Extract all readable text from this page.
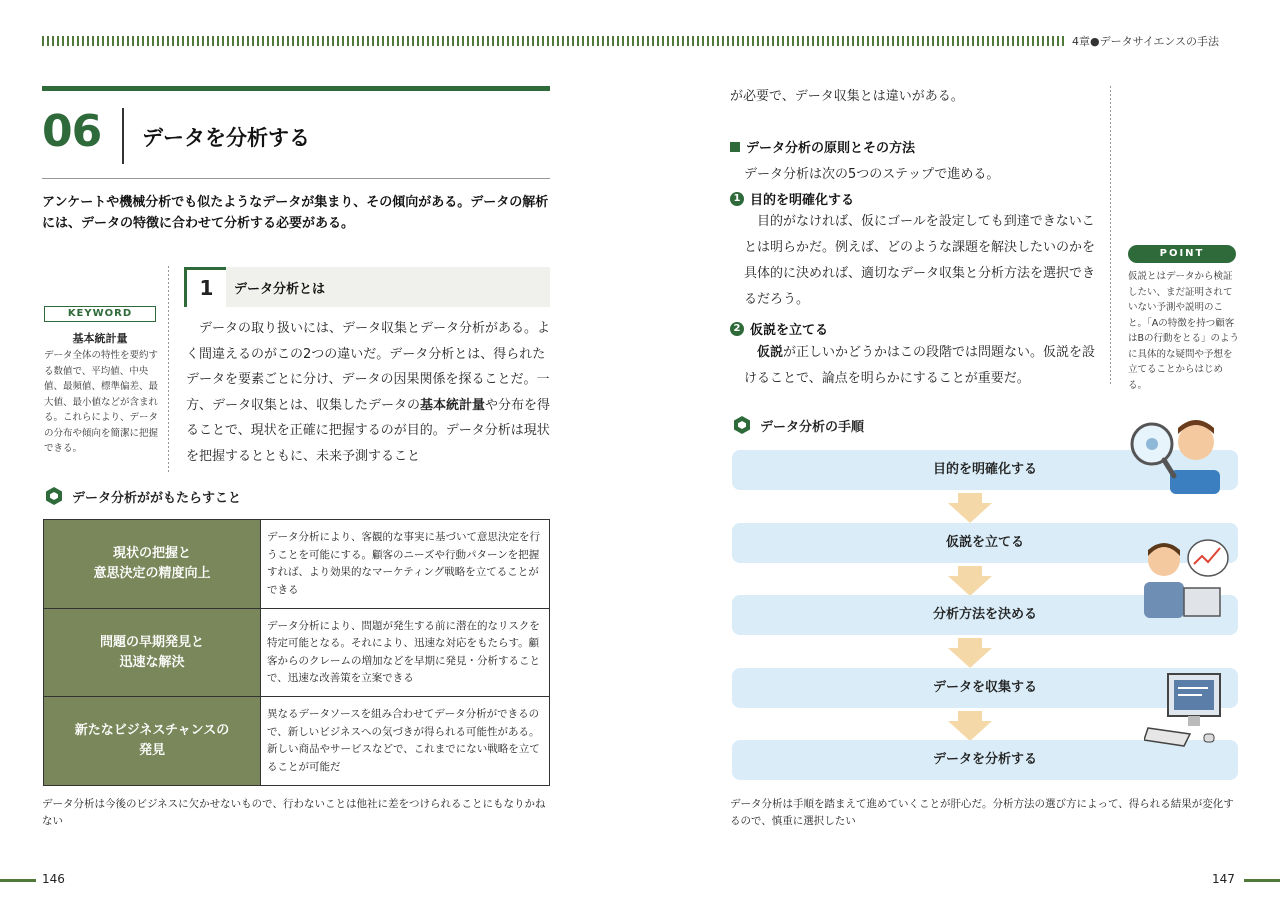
4章●データサイエンスの手法
06	データを分析する
アンケートや機械分析でも似たようなデータが集まり、その傾向がある。データの解析には、データの特徴に合わせて分析する必要がある。
KEYWORD
基本統計量
データ全体の特性を要約する数値で、平均値、中央値、最頻値、標準偏差、最大値、最小値などが含まれる。これらにより、データの分布や傾向を簡潔に把握できる。
1	データ分析とは
データの取り扱いには、データ収集とデータ分析がある。よく間違えるのがこの2つの違いだ。データ分析とは、得られたデータを要素ごとに分け、データの因果関係を探ることだ。一方、データ収集とは、収集したデータの基本統計量や分布を得ることで、現状を正確に把握するのが目的。データ分析は現状を把握するとともに、未来予測すること
データ分析ががもたらすこと
現状の把握と
意思決定の精度向上	データ分析により、客観的な事実に基づいて意思決定を行うことを可能にする。顧客のニーズや行動パターンを把握すれば、より効果的なマーケティング戦略を立てることができる
問題の早期発見と
迅速な解決	データ分析により、問題が発生する前に潜在的なリスクを特定可能となる。それにより、迅速な対応をもたらす。顧客からのクレームの増加などを早期に発見・分析することで、迅速な改善策を立案できる
新たなビジネスチャンスの
発見	異なるデータソースを組み合わせてデータ分析ができるので、新しいビジネスへの気づきが得られる可能性がある。新しい商品やサービスなどで、これまでにない戦略を立てることが可能だ
データ分析は今後のビジネスに欠かせないもので、行わないことは他社に差をつけられることにもなりかねない
146
が必要で、データ収集とは違いがある。
データ分析の原則とその方法
データ分析は次の5つのステップで進める。
1 目的を明確化する
目的がなければ、仮にゴールを設定しても到達できないことは明らかだ。例えば、どのような課題を解決したいのかを具体的に決めれば、適切なデータ収集と分析方法を選択できるだろう。
2 仮説を立てる
仮説が正しいかどうかはこの段階では問題ない。仮説を設けることで、論点を明らかにすることが重要だ。
POINT
仮説とはデータから検証したい、まだ証明されていない予測や説明のこと。「Aの特徴を持つ顧客はBの行動をとる」のように具体的な疑問や予想を立てることからはじめる。
データ分析の手順
目的を明確化する
仮説を立てる
分析方法を決める
データを収集する
データを分析する
データ分析は手順を踏まえて進めていくことが肝心だ。分析方法の選び方によって、得られる結果が変化するので、慎重に選択したい
147
